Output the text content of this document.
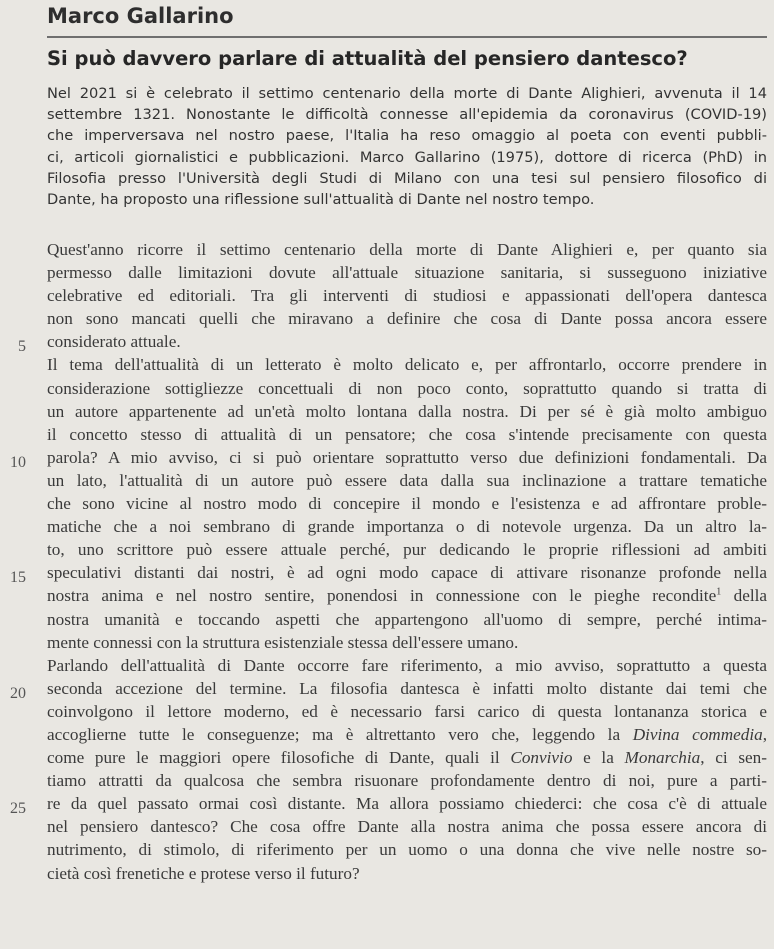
Marco Gallarino
Si può davvero parlare di attualità del pensiero dantesco?
Nel 2021 si è celebrato il settimo centenario della morte di Dante Alighieri, avvenuta il 14
settembre 1321. Nonostante le difficoltà connesse all'epidemia da coronavirus (COVID-19)
che imperversava nel nostro paese, l'Italia ha reso omaggio al poeta con eventi pubbli-
ci, articoli giornalistici e pubblicazioni. Marco Gallarino (1975), dottore di ricerca (PhD) in
Filosofia presso l'Università degli Studi di Milano con una tesi sul pensiero filosofico di
Dante, ha proposto una riflessione sull'attualità di Dante nel nostro tempo.
5
10
15
20
25
Quest'anno ricorre il settimo centenario della morte di Dante Alighieri e, per quanto sia
permesso dalle limitazioni dovute all'attuale situazione sanitaria, si susseguono iniziative
celebrative ed editoriali. Tra gli interventi di studiosi e appassionati dell'opera dantesca
non sono mancati quelli che miravano a definire che cosa di Dante possa ancora essere
considerato attuale.
Il tema dell'attualità di un letterato è molto delicato e, per affrontarlo, occorre prendere in
considerazione sottigliezze concettuali di non poco conto, soprattutto quando si tratta di
un autore appartenente ad un'età molto lontana dalla nostra. Di per sé è già molto ambiguo
il concetto stesso di attualità di un pensatore; che cosa s'intende precisamente con questa
parola? A mio avviso, ci si può orientare soprattutto verso due definizioni fondamentali. Da
un lato, l'attualità di un autore può essere data dalla sua inclinazione a trattare tematiche
che sono vicine al nostro modo di concepire il mondo e l'esistenza e ad affrontare proble-
matiche che a noi sembrano di grande importanza o di notevole urgenza. Da un altro la-
to, uno scrittore può essere attuale perché, pur dedicando le proprie riflessioni ad ambiti
speculativi distanti dai nostri, è ad ogni modo capace di attivare risonanze profonde nella
nostra anima e nel nostro sentire, ponendosi in connessione con le pieghe recondite$^1$ della
nostra umanità e toccando aspetti che appartengono all'uomo di sempre, perché intima-
mente connessi con la struttura esistenziale stessa dell'essere umano.
Parlando dell'attualità di Dante occorre fare riferimento, a mio avviso, soprattutto a questa
seconda accezione del termine. La filosofia dantesca è infatti molto distante dai temi che
coinvolgono il lettore moderno, ed è necessario farsi carico di questa lontananza storica e
accoglierne tutte le conseguenze; ma è altrettanto vero che, leggendo la Divina commedia,
come pure le maggiori opere filosofiche di Dante, quali il Convivio e la Monarchia, ci sen-
tiamo attratti da qualcosa che sembra risuonare profondamente dentro di noi, pure a parti-
re da quel passato ormai così distante. Ma allora possiamo chiederci: che cosa c'è di attuale
nel pensiero dantesco? Che cosa offre Dante alla nostra anima che possa essere ancora di
nutrimento, di stimolo, di riferimento per un uomo o una donna che vive nelle nostre so-
cietà così frenetiche e protese verso il futuro?
